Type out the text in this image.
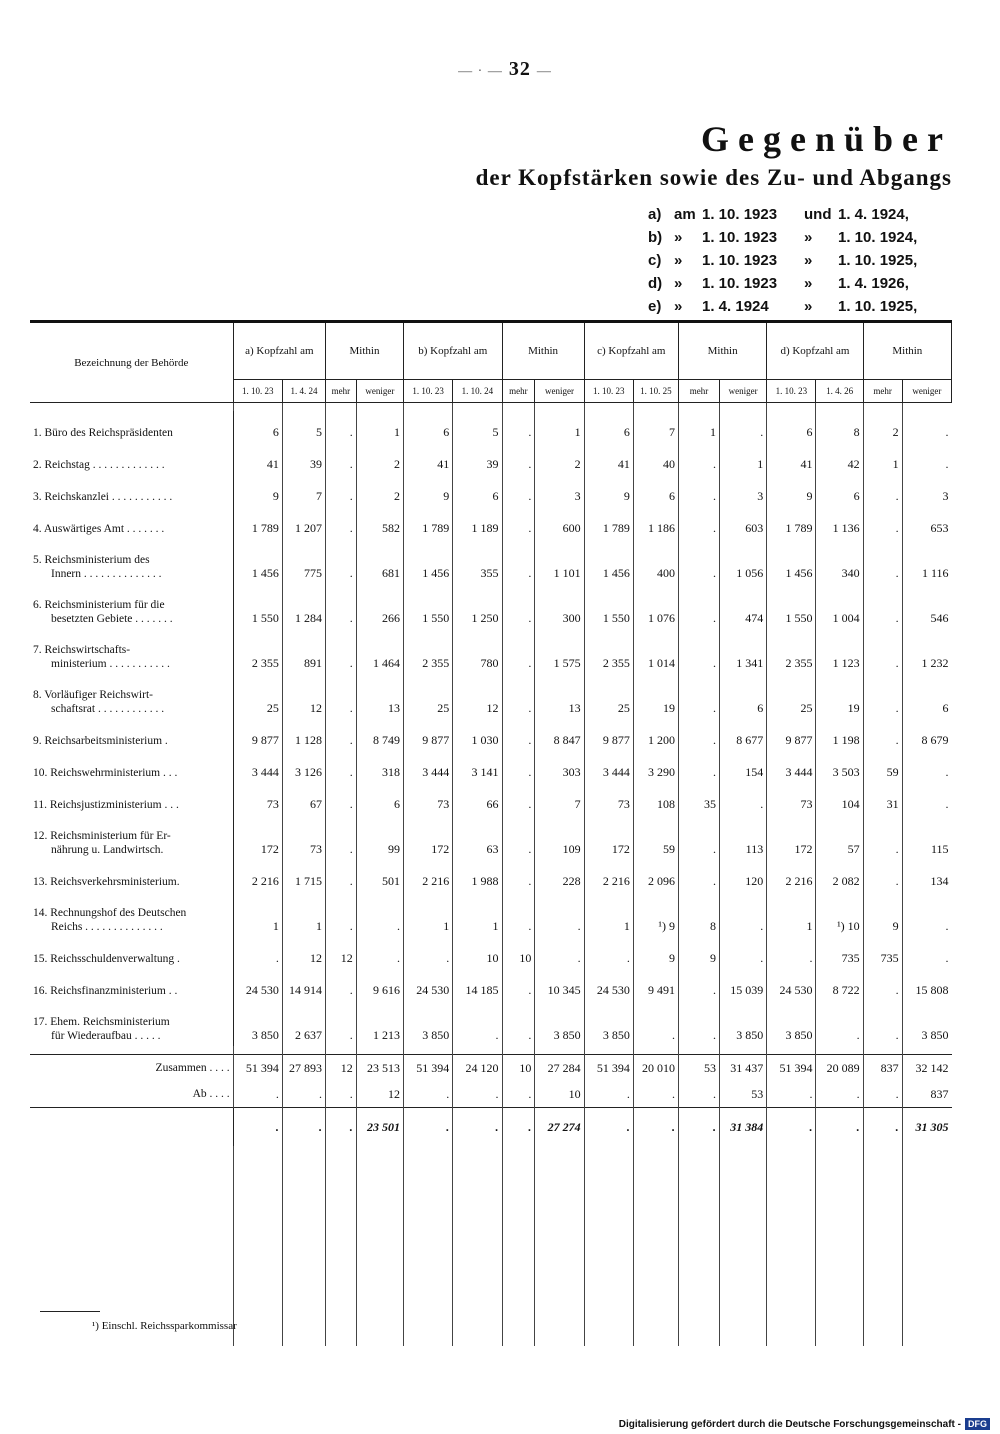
— · — 32 —
Gegenüber
der Kopfstärken sowie des Zu- und Abgangs
a) am 1. 10. 1923	und 1. 4. 1924,
b) »	1. 10. 1923	»	1. 10. 1924,
c) »	1. 10. 1923	»	1. 10. 1925,
d) »	1. 10. 1923	»	1. 4. 1926,
e) »	1. 4. 1924	»	1. 10. 1925,
Bezeichnung der Behörde	a) Kopfzahl am		Mithin		b) Kopfzahl am		Mithin		c) Kopfzahl am		Mithin		d) Kopfzahl am		Mithin	
	1. 10. 23	1. 4. 24	mehr	weniger	1. 10. 23	1. 10. 24	mehr	weniger	1. 10. 23	1. 10. 25	mehr	weniger	1. 10. 23	1. 4. 26	mehr	weniger

1. Büro des Reichspräsidenten	6	5	.	1	6	5	.	1	6	7	1	.	6	8	2	.

2. Reichstag . . . . . . . . . . . . .	41	39	.	2	41	39	.	2	41	40	.	1	41	42	1	.

3. Reichskanzlei . . . . . . . . . . .	9	7	.	2	9	6	.	3	9	6	.	3	9	6	.	3

4. Auswärtiges Amt . . . . . . .	1 789	1 207	.	582	1 789	1 189	.	600	1 789	1 186	.	603	1 789	1 136	.	653

5. Reichsministerium des
Innern . . . . . . . . . . . . . .	1 456	775	.	681	1 456	355	.	1 101	1 456	400	.	1 056	1 456	340	.	1 116

6. Reichsministerium für die
besetzten Gebiete . . . . . . .	1 550	1 284	.	266	1 550	1 250	.	300	1 550	1 076	.	474	1 550	1 004	.	546

7. Reichswirtschafts-
ministerium . . . . . . . . . . .	2 355	891	.	1 464	2 355	780	.	1 575	2 355	1 014	.	1 341	2 355	1 123	.	1 232

8. Vorläufiger Reichswirt-
schaftsrat . . . . . . . . . . . .	25	12	.	13	25	12	.	13	25	19	.	6	25	19	.	6

9. Reichsarbeitsministerium .	9 877	1 128	.	8 749	9 877	1 030	.	8 847	9 877	1 200	.	8 677	9 877	1 198	.	8 679

10. Reichswehrministerium . . .	3 444	3 126	.	318	3 444	3 141	.	303	3 444	3 290	.	154	3 444	3 503	59	.

11. Reichsjustizministerium . . .	73	67	.	6	73	66	.	7	73	108	35	.	73	104	31	.

12. Reichsministerium für Er-
nährung u. Landwirtsch.	172	73	.	99	172	63	.	109	172	59	.	113	172	57	.	115

13. Reichsverkehrsministerium.	2 216	1 715	.	501	2 216	1 988	.	228	2 216	2 096	.	120	2 216	2 082	.	134

14. Rechnungshof des Deutschen
Reichs . . . . . . . . . . . . . .	1	1	.	.	1	1	.	.	1	¹) 9	8	.	1	¹) 10	9	.

15. Reichsschuldenverwaltung .	.	12	12	.	.	10	10	.	.	9	9	.	.	735	735	.

16. Reichsfinanzministerium . .	24 530	14 914	.	9 616	24 530	14 185	.	10 345	24 530	9 491	.	15 039	24 530	8 722	.	15 808

17. Ehem. Reichsministerium
für Wiederaufbau . . . . .	3 850	2 637	.	1 213	3 850	.	.	3 850	3 850	.	.	3 850	3 850	.	.	3 850

Zusammen . . . .	51 394	27 893	12	23 513	51 394	24 120	10	27 284	51 394	20 010	53	31 437	51 394	20 089	837	32 142
Ab . . . .	.	.	.	12	.	.	.	10	.	.	.	53	.	.	.	837
	.	.	.	23 501	.	.	.	27 274	.	.	.	31 384	.	.	.	31 305

¹) Einschl. Reichssparkommissar
Digitalisierung gefördert durch die Deutsche Forschungsgemeinschaft - DFG
